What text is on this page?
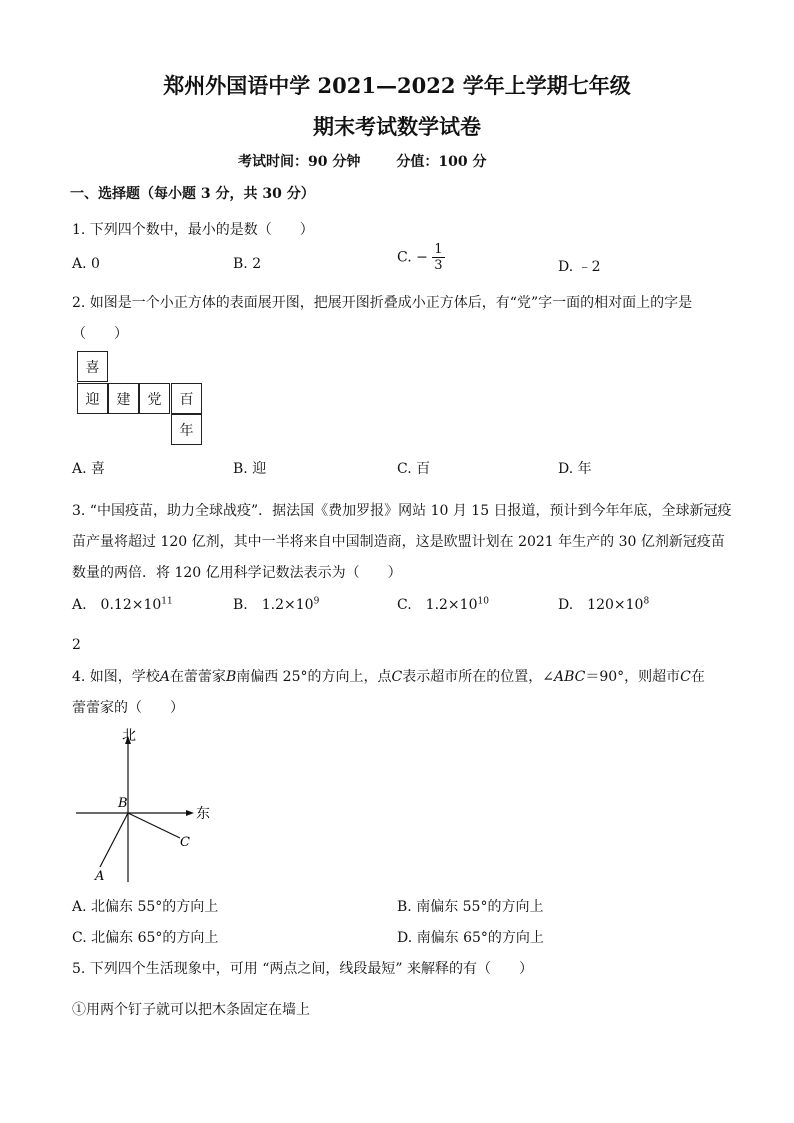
郑州外国语中学 2021—2022 学年上学期七年级
期末考试数学试卷
考试时间：90 分钟	分值：100 分
一、选择题（每小题 3 分，共 30 分）
1. 下列四个数中，最小的是数（　　）
A. 0	B. 2	C. − $\frac{1}{3}$	D. ﹣2
2. 如图是一个小正方体的表面展开图，把展开图折叠成小正方体后，有“党”字一面的相对面上的字是
（　　）
喜
迎	建	党	百
年
A. 喜	B. 迎	C. 百	D. 年
3. “中国疫苗，助力全球战疫”．据法国《费加罗报》网站 10 月 15 日报道，预计到今年年底，全球新冠疫
苗产量将超过 120 亿剂，其中一半将来自中国制造商，这是欧盟计划在 2021 年生产的 30 亿剂新冠疫苗
数量的两倍．将 120 亿用科学记数法表示为（　　）
A.　$0.12\times 10^{11}$	B.　$1.2\times 10^9$	C.　$1.2\times 10^{10}$	D.　$120\times 10^8$
2
4. 如图，学校A在蕾蕾家B南偏西 25°的方向上，点C表示超市所在的位置，∠ABC＝90°，则超市C在
蕾蕾家的（　　）
北
东
B
C
A
A. 北偏东 55°的方向上	B. 南偏东 55°的方向上
C. 北偏东 65°的方向上	D. 南偏东 65°的方向上
5. 下列四个生活现象中，可用 “两点之间，线段最短” 来解释的有（　　）
①用两个钉子就可以把木条固定在墙上
